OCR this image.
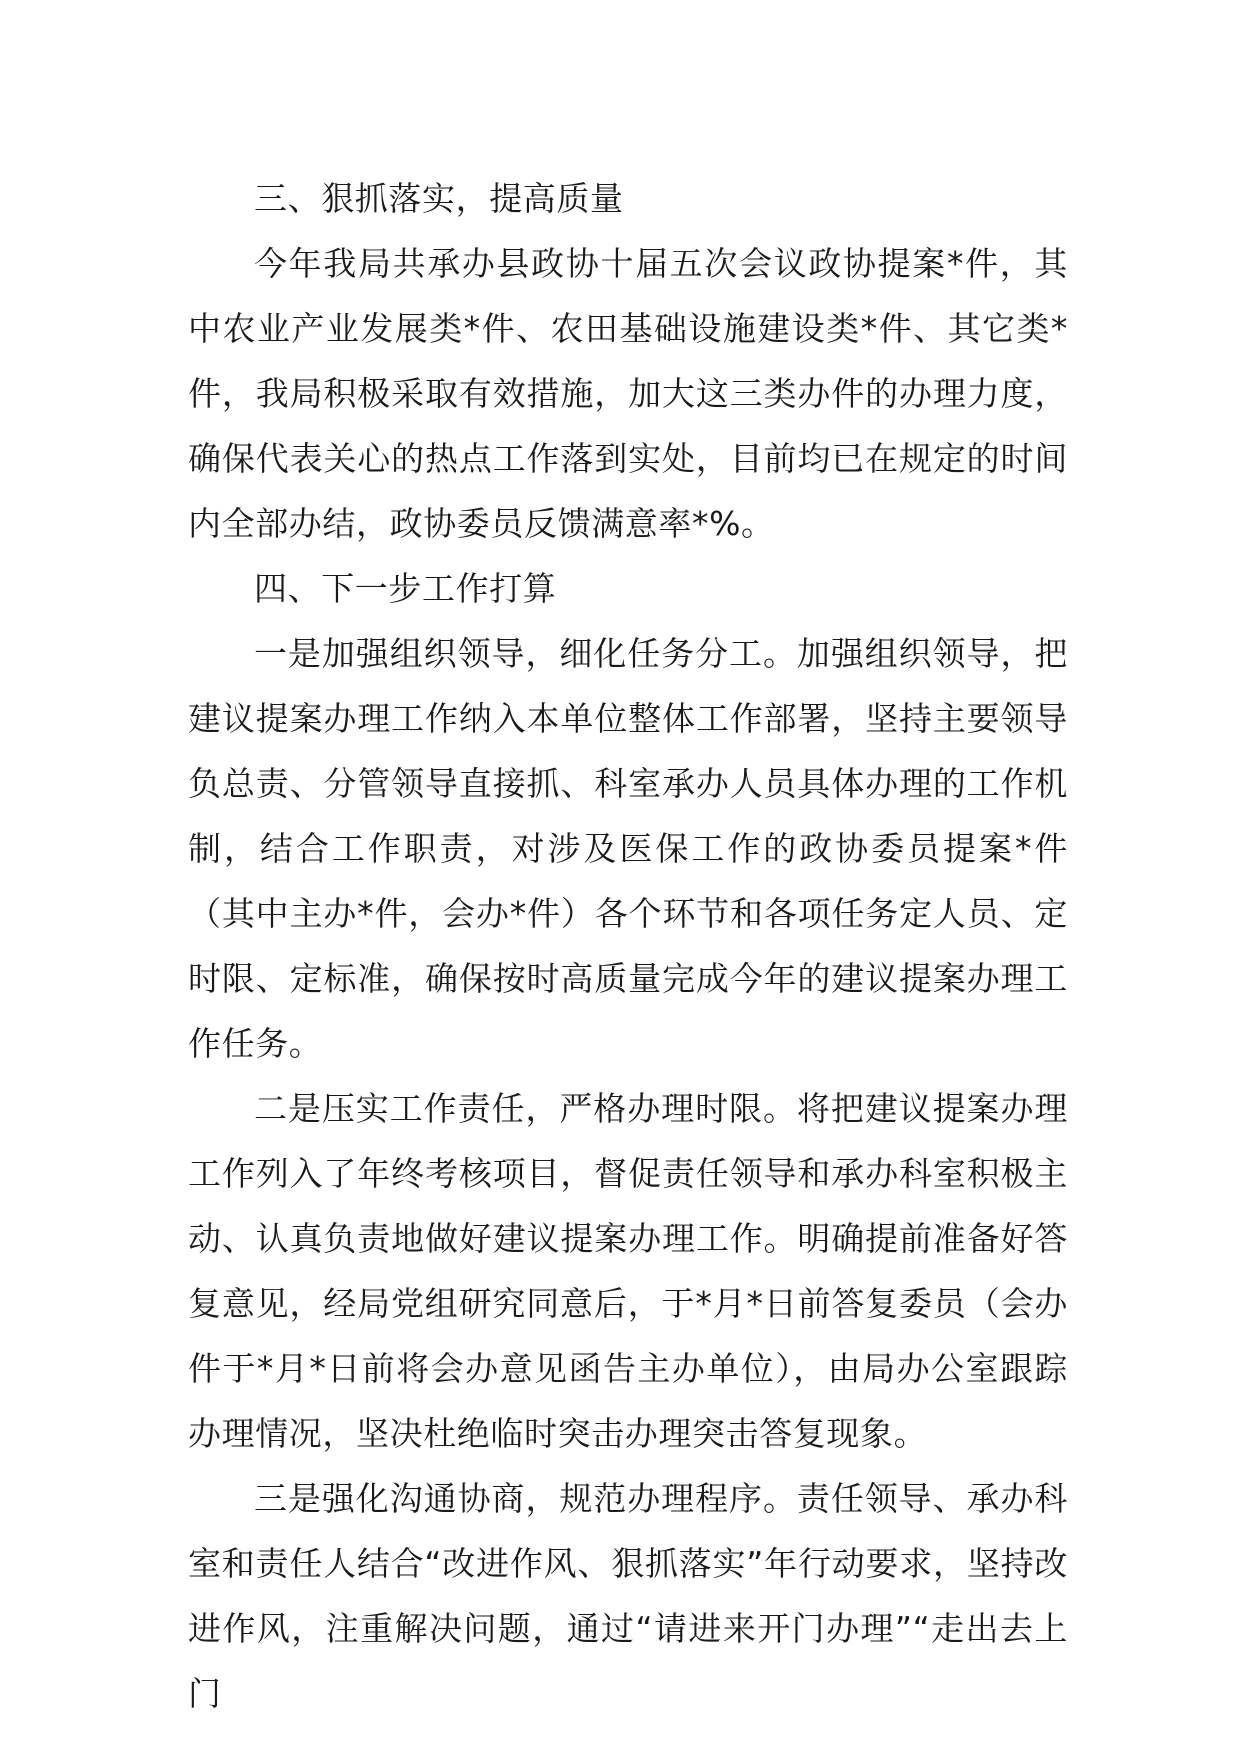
三、狠抓落实，提高质量

今年我局共承办县政协十届五次会议政协提案*件，其中农业产业发展类*件、农田基础设施建设类*件、其它类*件，我局积极采取有效措施，加大这三类办件的办理力度，确保代表关心的热点工作落到实处，目前均已在规定的时间内全部办结，政协委员反馈满意率*%。

四、下一步工作打算

一是加强组织领导，细化任务分工。加强组织领导，把建议提案办理工作纳入本单位整体工作部署，坚持主要领导负总责、分管领导直接抓、科室承办人员具体办理的工作机制，结合工作职责，对涉及医保工作的政协委员提案*件（其中主办*件，会办*件）各个环节和各项任务定人员、定时限、定标准，确保按时高质量完成今年的建议提案办理工作任务。

二是压实工作责任，严格办理时限。将把建议提案办理工作列入了年终考核项目，督促责任领导和承办科室积极主动、认真负责地做好建议提案办理工作。明确提前准备好答复意见，经局党组研究同意后，于*月*日前答复委员（会办件于*月*日前将会办意见函告主办单位），由局办公室跟踪办理情况，坚决杜绝临时突击办理突击答复现象。

三是强化沟通协商，规范办理程序。责任领导、承办科室和责任人结合“改进作风、狠抓落实”年行动要求，坚持改进作风，注重解决问题，通过“请进来开门办理”“走出去上门
